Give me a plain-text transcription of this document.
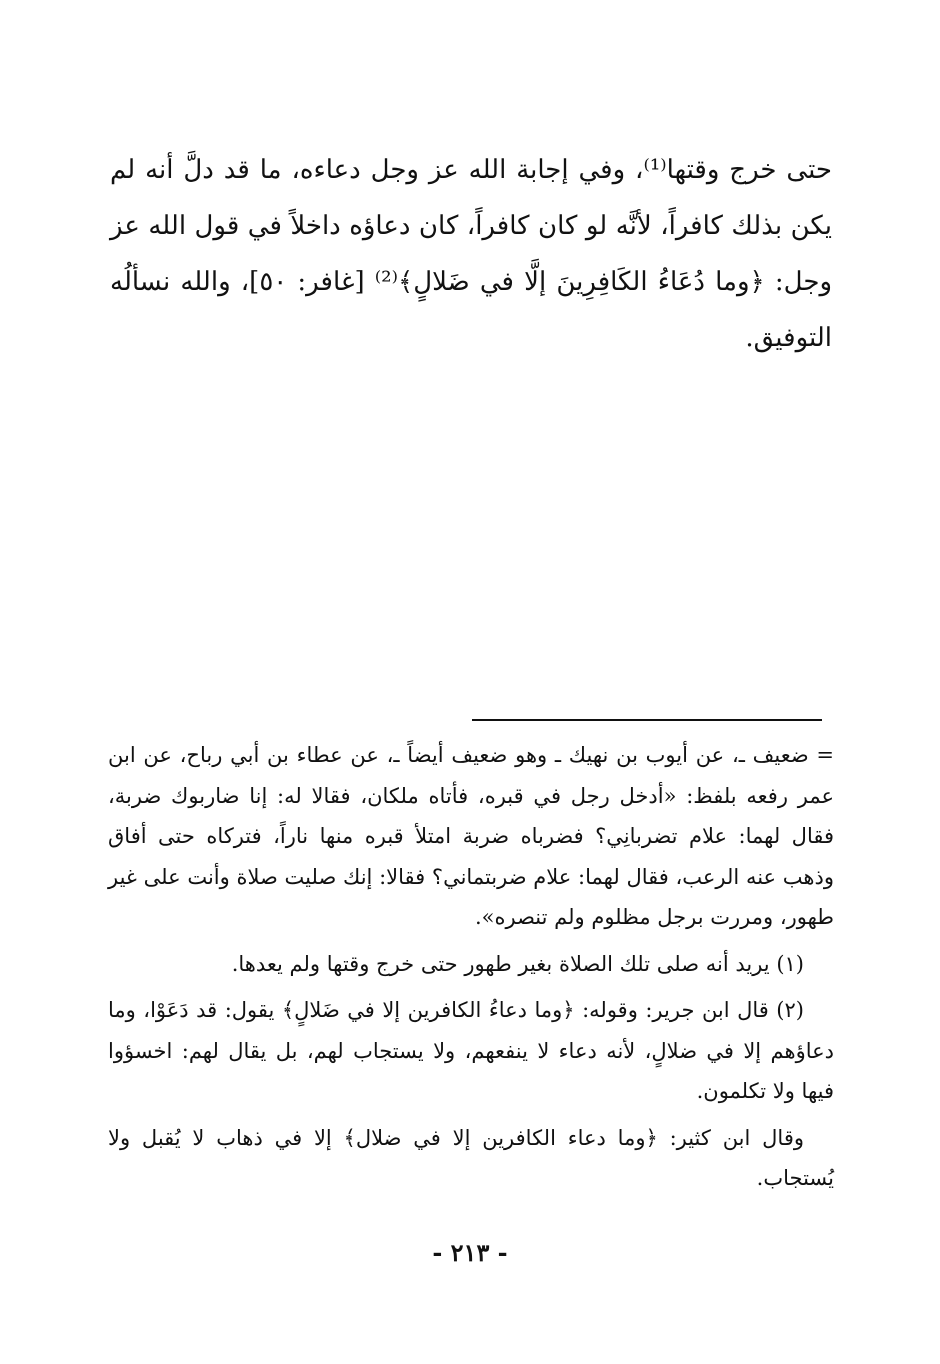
حتى خرج وقتها⁽¹⁾، وفي إجابة الله عز وجل دعاءه، ما قد دلَّ أنه لم يكن بذلك كافراً، لأنَّه لو كان كافراً، كان دعاؤه داخلاً في قول الله عز وجل: ﴿وما دُعَاءُ الكَافِرِينَ إلَّا في ضَلالٍ﴾⁽²⁾ [غافر: ٥٠]، والله نسألُه التوفيق.

= ضعيف ـ، عن أيوب بن نهيك ـ وهو ضعيف أيضاً ـ، عن عطاء بن أبي رباح، عن ابن عمر رفعه بلفظ: «أدخل رجل في قبره، فأتاه ملكان، فقالا له: إنا ضاربوك ضربة، فقال لهما: علام تضربانِي؟ فضرباه ضربة امتلأ قبره منها ناراً، فتركاه حتى أفاق وذهب عنه الرعب، فقال لهما: علام ضربتماني؟ فقالا: إنك صليت صلاة وأنت على غير طهور، ومررت برجل مظلوم ولم تنصره».

(١) يريد أنه صلى تلك الصلاة بغير طهور حتى خرج وقتها ولم يعدها.

(٢) قال ابن جرير: وقوله: ﴿وما دعاءُ الكافرين إلا في ضَلالٍ﴾ يقول: قد دَعَوْا، وما دعاؤهم إلا في ضلالٍ، لأنه دعاء لا ينفعهم، ولا يستجاب لهم، بل يقال لهم: اخسؤوا فيها ولا تكلمون.

وقال ابن كثير: ﴿وما دعاء الكافرين إلا في ضلال﴾ إلا في ذهاب لا يُقبل ولا يُستجاب.

- ٢١٣ -
